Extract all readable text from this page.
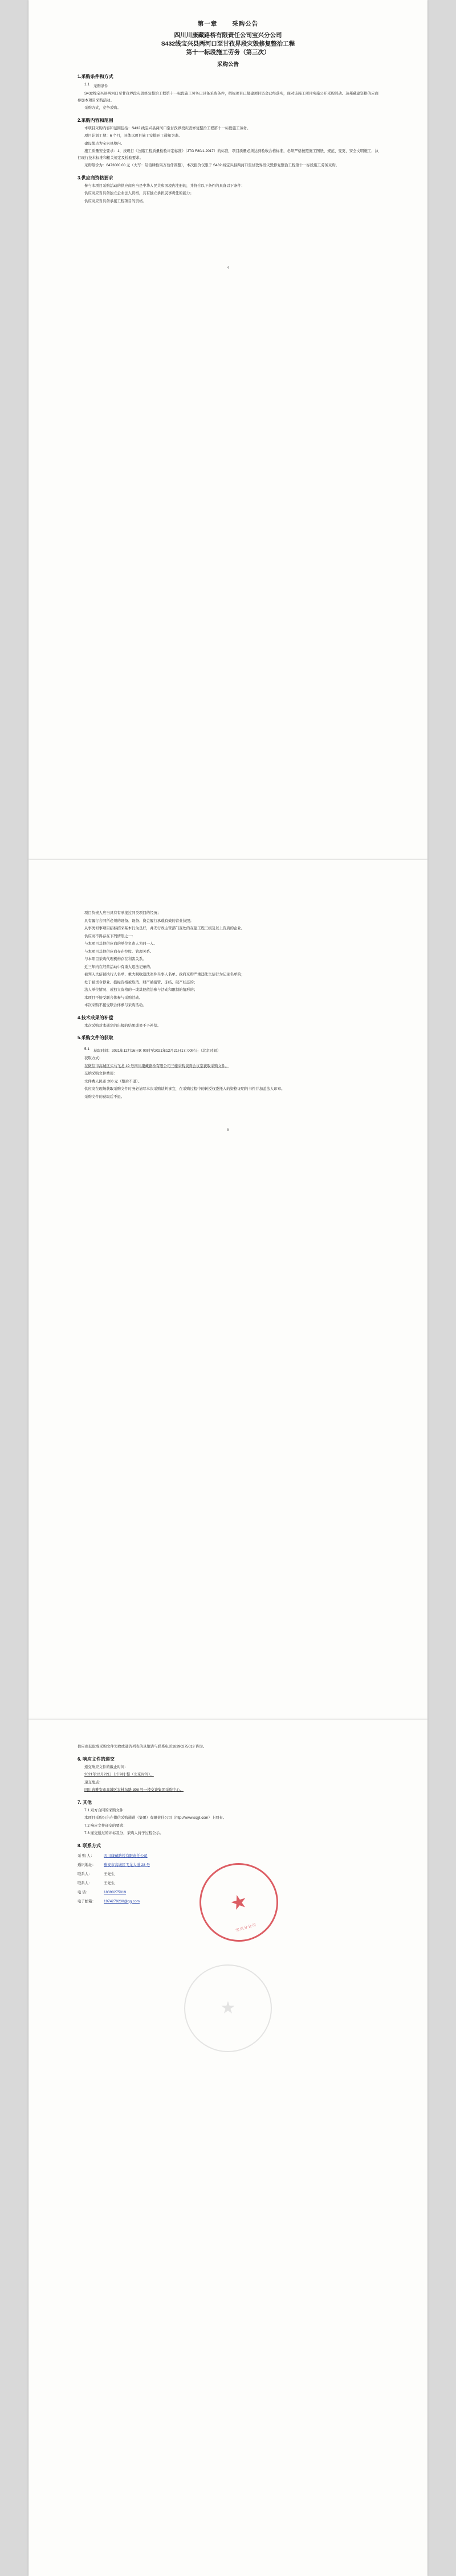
第一章 采购公告
四川川康藏路桥有限责任公司宝兴分公司
S432线宝兴县两河口至甘孜界段灾毁修复整治工程
第十一标段施工劳务（第三次）
采购公告
1.采购条件和方式

1.1	采购条件

S432线宝兴县两河口至甘孜界段灾毁修复整治工程第十一标段施工劳务已具备采购条件，招标项目已报建项目资金已经落实，现对该施工项目实施公开采购活动。达邦藏建资格的应商参加本项目采购活动。

采购方式，竞争采购。

2.采购内容和范围

本项目采购内容和范围包括：S432 线宝兴县两河口至甘孜界段灾毁修复整治工程第十一标段施工劳务。

项目计划工期：6 个月，具体以项目施工安排开工通知为准。

建设地点为宝兴县境内。

施工质量安全要求：1、按现行《公路工程质量检验评定标准》（JTG F80/1-2017）的标准，项目质量必须达到验收合格标准，必须严格按照施工图纸、规范、变更、安全文明施工、执行现行技术标准和相关规定及检验要求。

采购限价为：6473000.00 元（大写：陆佰肆拾柒万叁仟圆整），本次报价仅限于 S432 线宝兴县两河口至甘孜界段灾毁修复整治工程第十一标段施工劳务采购。

3.供应商资格要求

参与本项目采购活动的供应商应当是中华人民共和国境内注册的，并符合以下条件的具备以下条件：

供应商应当具备独立企业法人资格，具有独立承担民事责任的能力；

供应商应当具备承接工程项目的资格。

4

项目负责人应当具有有承接过同类项目的经历；

具有履行合同所必须的设备、设备、资金履行承载有效的营业执照；

从事类似事项目招标招采基本行为良好，并无行政主管部门查处的在建工程三级及以上资质的企业。

供应商不得存在下列情形之一：

与本项目其他供应商的单位负责人为同一人。

与本项目其他供应商存在控股、管理关系。

与本项目采购代理机构存在利害关系。

近三年内在经营活动中有重大违法记录的。

被列入失信被执行人名单、重大税收违法案件当事人名单、政府采购严重违法失信行为记录名单的；

处于被责令停业、投标资格被取消、财产被接管、冻结、破产状态的；

法人单位情况、或独立资格的一或其他依法参与活动和限制的情形的；

本项目不接受联合体参与采购活动。

本次采购不接受联合体参与采购活动。

4.技术成果的补偿

本次采购对本通定的出报的结果成果不予补偿。

5.采购文件的获取

5.1	获取时间：2021年12月16日9: 00时至2021年12月21日17: 00时止（北京时间）

获取方式：

在微信市高城区买马飞龙 19 号四川康藏路桥有限公司三楼采购谈判会议室获取采购文件。

交纳采购文件费用：

文件费人民币 200 元（整后不退）。

供应商在现场获取采购文件时务必请写本次采购谈判事宜，在采购过程中的转授权委托人的资格证明的书件并加盖法人印章。

采购文件的获取后不退。

5

供应商获取成采购文件失败或通答列表的具地请与联系电话18390275019 咨询。

6. 响应文件的递交

递交响应文件的截止时间：

2021年12月22日 上午9时 整（北京时间）。

递交地点：

四川省雅安市高城区农林东路 308 号一楼交谈集团采购中心。

7. 其他

7.1 双方合同的采购文件：

本项目采购公告在微信采购通道（集团）有限责任公司（http://www.scjjjt.com）上网布。

7.2 响应文件递交的要求：

7.3 递交通过的评标及分，采购人持子过程公示。

8. 联系方式
采 购 人：	四川康藏路桥有限责任公司
通讯地址：	雅安市高城区飞龙大道 28 号
联系人：	王先生
联系人：	王先生
电 话：	18390275019
电子邮箱：	1974279230@qq.com	★
宝兴分公司
★
